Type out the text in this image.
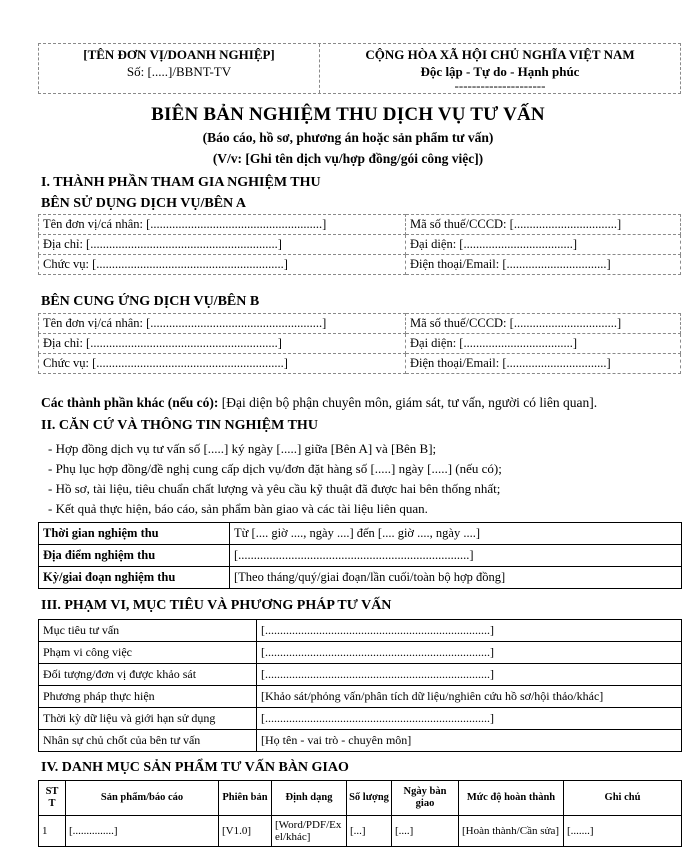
[TÊN ĐƠN VỊ/DOANH NGHIỆP]
Số: [.....]/BBNT-TV
CỘNG HÒA XÃ HỘI CHỦ NGHĨA VIỆT NAM
Độc lập - Tự do - Hạnh phúc
---------------------
BIÊN BẢN NGHIỆM THU DỊCH VỤ TƯ VẤN
(Báo cáo, hồ sơ, phương án hoặc sản phẩm tư vấn)
(V/v: [Ghi tên dịch vụ/hợp đồng/gói công việc])
I. THÀNH PHẦN THAM GIA NGHIỆM THU
BÊN SỬ DỤNG DỊCH VỤ/BÊN A
Tên đơn vị/cá nhân: [.......................................................]	Mã số thuế/CCCD: [.................................]
Địa chỉ: [............................................................]	Đại diện: [...................................]
Chức vụ: [............................................................]	Điện thoại/Email: [................................]
BÊN CUNG ỨNG DỊCH VỤ/BÊN B
Tên đơn vị/cá nhân: [.......................................................]	Mã số thuế/CCCD: [.................................]
Địa chỉ: [............................................................]	Đại diện: [...................................]
Chức vụ: [............................................................]	Điện thoại/Email: [................................]
Các thành phần khác (nếu có): [Đại diện bộ phận chuyên môn, giám sát, tư vấn, người có liên quan].
II. CĂN CỨ VÀ THÔNG TIN NGHIỆM THU
- Hợp đồng dịch vụ tư vấn số [.....] ký ngày [.....] giữa [Bên A] và [Bên B];
- Phụ lục hợp đồng/đề nghị cung cấp dịch vụ/đơn đặt hàng số [.....] ngày [.....] (nếu có);
- Hồ sơ, tài liệu, tiêu chuẩn chất lượng và yêu cầu kỹ thuật đã được hai bên thống nhất;
- Kết quả thực hiện, báo cáo, sản phẩm bàn giao và các tài liệu liên quan.
Thời gian nghiệm thu	Từ [.... giờ ...., ngày ....] đến [.... giờ ...., ngày ....]
Địa điểm nghiệm thu	[..........................................................................]
Kỳ/giai đoạn nghiệm thu	[Theo tháng/quý/giai đoạn/lần cuối/toàn bộ hợp đồng]
III. PHẠM VI, MỤC TIÊU VÀ PHƯƠNG PHÁP TƯ VẤN
Mục tiêu tư vấn	[...........................................................................]
Phạm vi công việc	[...........................................................................]
Đối tượng/đơn vị được khảo sát	[...........................................................................]
Phương pháp thực hiện	[Khảo sát/phỏng vấn/phân tích dữ liệu/nghiên cứu hồ sơ/hội thảo/khác]
Thời kỳ dữ liệu và giới hạn sử dụng	[...........................................................................]
Nhân sự chủ chốt của bên tư vấn	[Họ tên - vai trò - chuyên môn]
IV. DANH MỤC SẢN PHẨM TƯ VẤN BÀN GIAO
ST T	Sản phẩm/báo cáo	Phiên bản	Định dạng	Số lượng	Ngày bàn giao	Mức độ hoàn thành	Ghi chú
1	[...............]	[V1.0]	[Word/PDF/Ex el/khác]	[...]	[....]	[Hoàn thành/Cần sửa]	[.......]
